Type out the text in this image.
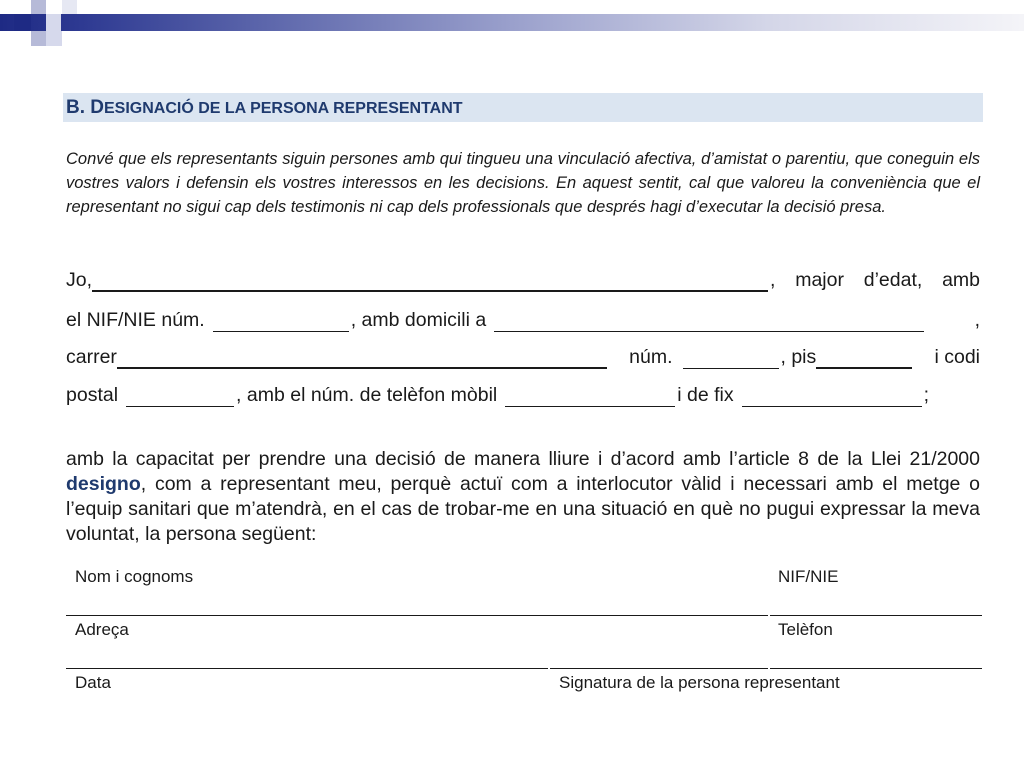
B. DESIGNACIÓ DE LA PERSONA REPRESENTANT
Convé que els representants siguin persones amb qui tingueu una vinculació afectiva, d’amistat o parentiu, que coneguin els vostres valors i defensin els vostres interessos en les decisions. En aquest sentit, cal que valoreu la conveniència que el representant no sigui cap dels testimonis ni cap dels professionals que després hagi d’executar la decisió presa.
Jo,	, major d’edat, amb
el NIF/NIE núm.	, amb domicili a	,
carrer	núm.	, pis	i codi
postal	, amb el núm. de telèfon mòbil	i de fix	;
amb la capacitat per prendre una decisió de manera lliure i d’acord amb l’article 8 de la Llei 21/2000 designo, com a representant meu, perquè actuï com a interlocutor vàlid i necessari amb el metge o l’equip sanitari que m’atendrà, en el cas de trobar-me en una situació en què no pugui expressar la meva voluntat, la persona següent:
Nom i cognoms	NIF/NIE
Adreça	Telèfon
Data	Signatura de la persona representant
